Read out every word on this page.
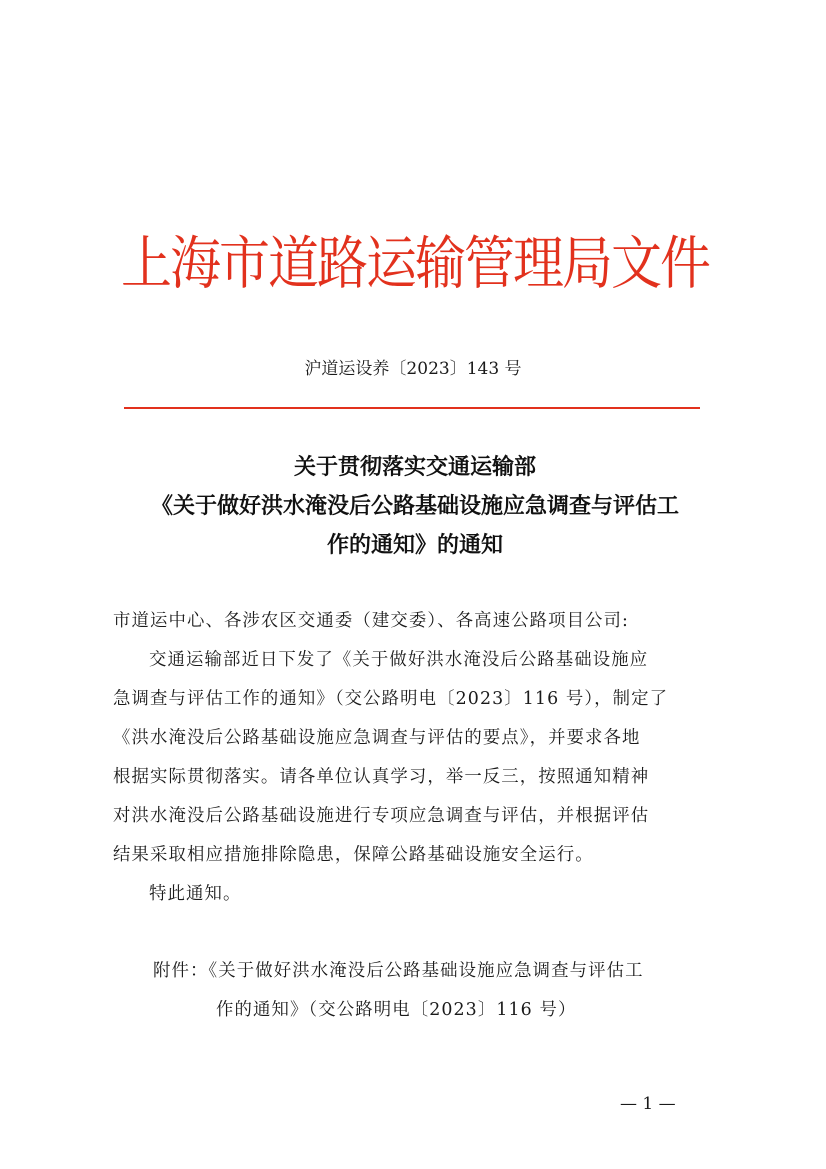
上海市道路运输管理局文件
沪道运设养〔2023〕143 号
关于贯彻落实交通运输部
《关于做好洪水淹没后公路基础设施应急调查与评估工
作的通知》的通知
市道运中心、各涉农区交通委（建交委）、各高速公路项目公司:
交通运输部近日下发了《关于做好洪水淹没后公路基础设施应
急调查与评估工作的通知》（交公路明电〔2023〕116 号），制定了
《洪水淹没后公路基础设施应急调查与评估的要点》，并要求各地
根据实际贯彻落实。请各单位认真学习，举一反三，按照通知精神
对洪水淹没后公路基础设施进行专项应急调查与评估，并根据评估
结果采取相应措施排除隐患，保障公路基础设施安全运行。
特此通知。
附件：《关于做好洪水淹没后公路基础设施应急调查与评估工
作的通知》（交公路明电〔2023〕116 号）
— 1 —
